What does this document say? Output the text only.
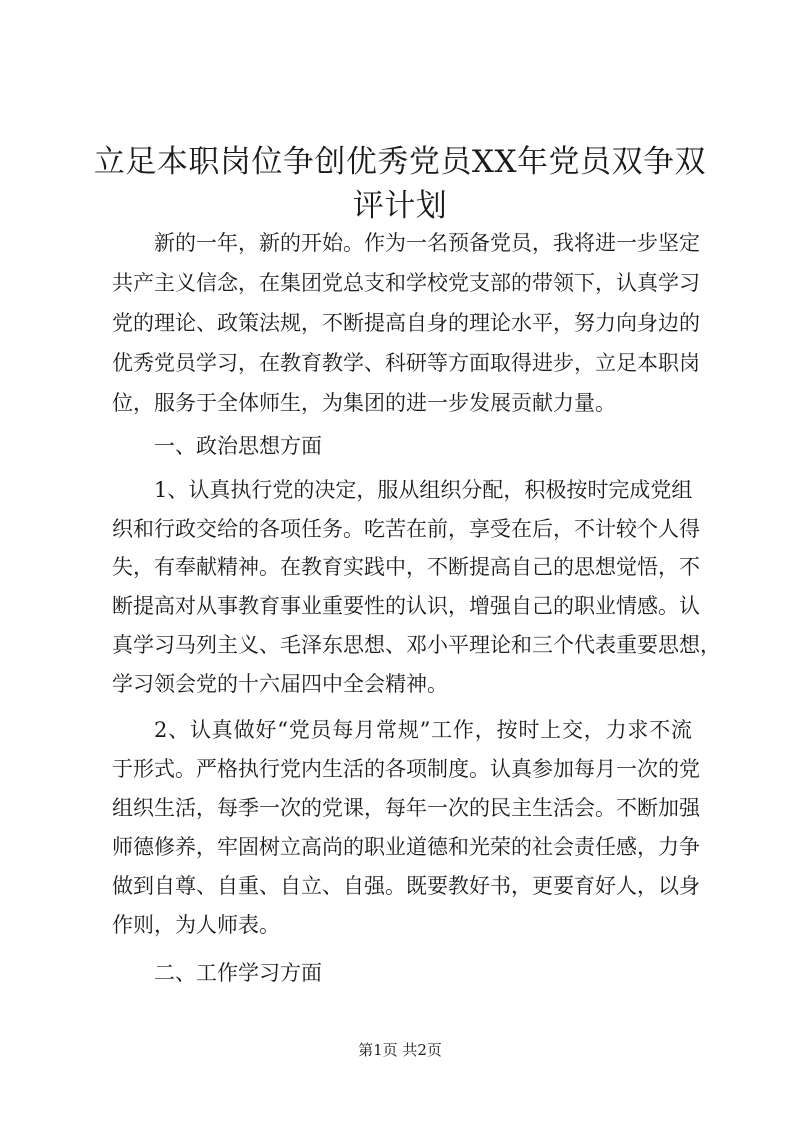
立足本职岗位争创优秀党员XX年党员双争双
评计划

新的一年，新的开始。作为一名预备党员，我将进一步坚定

共产主义信念，在集团党总支和学校党支部的带领下，认真学习

党的理论、政策法规，不断提高自身的理论水平，努力向身边的

优秀党员学习，在教育教学、科研等方面取得进步，立足本职岗

位，服务于全体师生，为集团的进一步发展贡献力量。

一、政治思想方面

1、认真执行党的决定，服从组织分配，积极按时完成党组

织和行政交给的各项任务。吃苦在前，享受在后，不计较个人得

失，有奉献精神。在教育实践中，不断提高自己的思想觉悟，不

断提高对从事教育事业重要性的认识，增强自己的职业情感。认

真学习马列主义、毛泽东思想、邓小平理论和三个代表重要思想，

学习领会党的十六届四中全会精神。

2、认真做好“党员每月常规”工作，按时上交，力求不流

于形式。严格执行党内生活的各项制度。认真参加每月一次的党

组织生活，每季一次的党课，每年一次的民主生活会。不断加强

师德修养，牢固树立高尚的职业道德和光荣的社会责任感，力争

做到自尊、自重、自立、自强。既要教好书，更要育好人，以身

作则，为人师表。

二、工作学习方面

第1页 共2页
